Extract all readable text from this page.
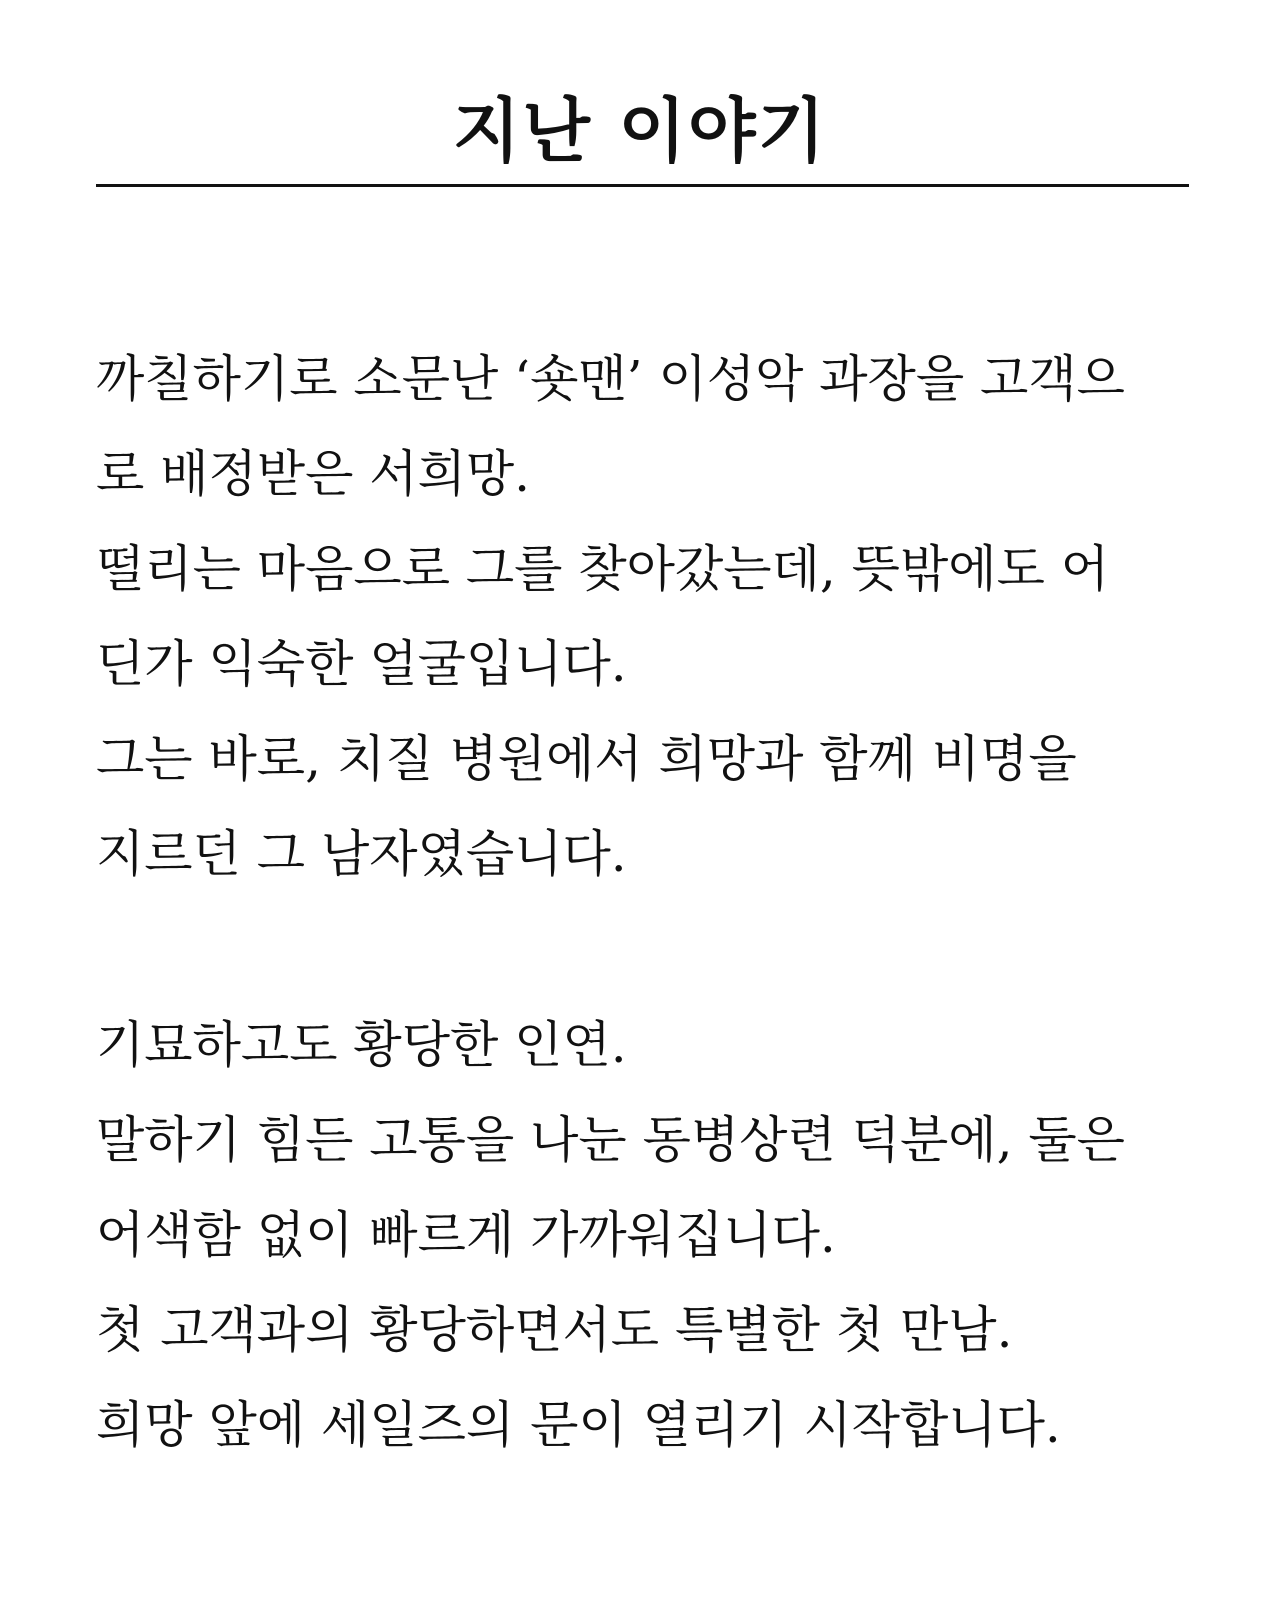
지난 이야기
까칠하기로 소문난 ‘숏맨’ 이성악 과장을 고객으
로 배정받은 서희망.
떨리는 마음으로 그를 찾아갔는데, 뜻밖에도 어
딘가 익숙한 얼굴입니다.
그는 바로, 치질 병원에서 희망과 함께 비명을
지르던 그 남자였습니다.
기묘하고도 황당한 인연.
말하기 힘든 고통을 나눈 동병상련 덕분에, 둘은
어색함 없이 빠르게 가까워집니다.
첫 고객과의 황당하면서도 특별한 첫 만남.
희망 앞에 세일즈의 문이 열리기 시작합니다.
